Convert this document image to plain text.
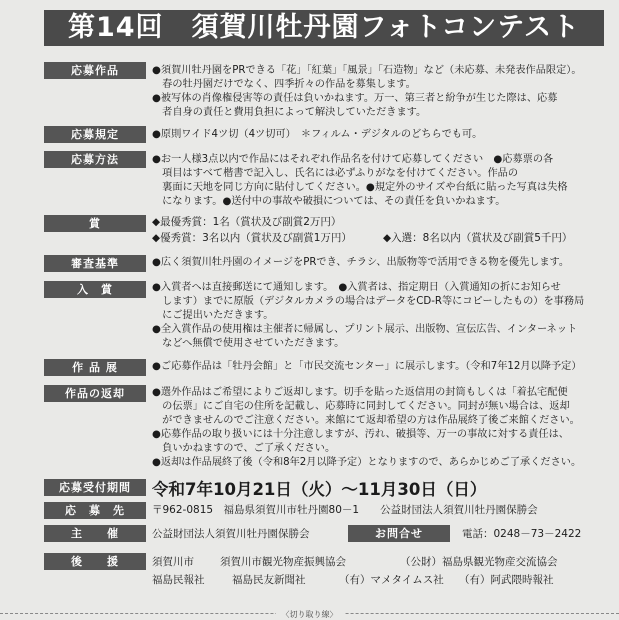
第14回　須賀川牡丹園フォトコンテスト
応募作品	●須賀川牡丹園をPRできる「花」「紅葉」「風景」「石造物」など（未応募、未発表作品限定）。
　春の牡丹園だけでなく、四季折々の作品を募集します。
●被写体の肖像権侵害等の責任は負いかねます。万一、第三者と紛争が生じた際は、応募
　者自身の責任と費用負担によって解決していただきます。
応募規定	●原則ワイド4ツ切（4ツ切可）　＊フィルム・デジタルのどちらでも可。
応募方法	●お一人様3点以内で作品にはそれぞれ作品名を付けて応募してください　●応募票の各
　項目はすべて楷書で記入し、氏名には必ずふりがなを付けてください。作品の
　裏面に天地を同じ方向に貼付してください。●規定外のサイズや台紙に貼った写真は失格
　になります。●送付中の事故や破損については、その責任を負いかねます。
賞	◆最優秀賞：1名（賞状及び副賞2万円）
◆優秀賞：3名以内（賞状及び副賞1万円）	◆入選：8名以内（賞状及び副賞5千円）
審査基準	●広く須賀川牡丹園のイメージをPRでき、チラシ、出版物等で活用できる物を優先します。
入　賞	●入賞者へは直接郵送にて通知します。　●入賞者は、指定期日（入賞通知の折にお知らせ
　します）までに原版（デジタルカメラの場合はデータをCD-R等にコピーしたもの）を事務局
　にご提出いただきます。
●全入賞作品の使用権は主催者に帰属し、プリント展示、出版物、宣伝広告、インターネット
　などへ無償で使用させていただきます。
作 品 展	●ご応募作品は「牡丹会館」と「市民交流センター」に展示します。（令和7年12月以降予定）
作品の返却	●選外作品はご希望によりご返却します。切手を貼った返信用の封筒もしくは「着払宅配便
　の伝票」にご自宅の住所を記載し、応募時に同封してください。同封が無い場合は、返却
　ができませんのでご注意ください。来館にて返却希望の方は作品展終了後ご来館ください。
●応募作品の取り扱いには十分注意しますが、汚れ、破損等、万一の事故に対する責任は、
　負いかねますので、ご了承ください。
●返却は作品展終了後（令和8年2月以降予定）となりますので、あらかじめご了承ください。
応募受付期間	令和7年10月21日（火）～11月30日（日）
応　募　先	〒962-0815　福島県須賀川市牡丹園80－1　　公益財団法人須賀川牡丹園保勝会
主　　催	公益財団法人須賀川牡丹園保勝会	お問合せ	電話：0248－73－2422
後　　援	須賀川市 須賀川市観光物産振興協会	（公財）福島県観光物産交流協会
福島民報社	福島民友新聞社	（有）マメタイムス社 （有）阿武隈時報社
〈切り取り線〉
